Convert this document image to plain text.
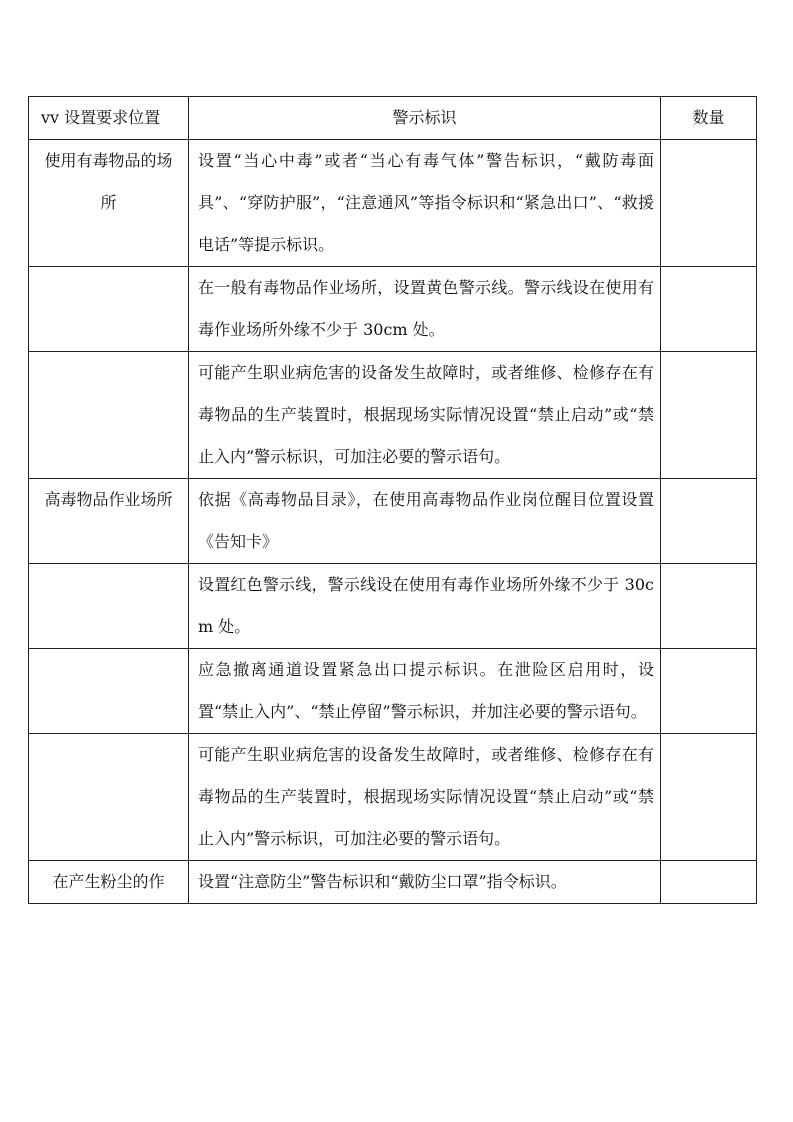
vv 设置要求位置	警示标识	数量
使用有毒物品的场所	设置“当心中毒”或者“当心有毒气体”警告标识，“戴防毒面具”、“穿防护服”，“注意通风”等指令标识和“紧急出口”、“救援电话”等提示标识。	
	在一般有毒物品作业场所，设置黄色警示线。警示线设在使用有毒作业场所外缘不少于 30cm 处。	
	可能产生职业病危害的设备发生故障时，或者维修、检修存在有毒物品的生产装置时，根据现场实际情况设置“禁止启动”或“禁止入内”警示标识，可加注必要的警示语句。	
高毒物品作业场所	依据《高毒物品目录》，在使用高毒物品作业岗位醒目位置设置《告知卡》	
	设置红色警示线，警示线设在使用有毒作业场所外缘不少于 30cm 处。	
	应急撤离通道设置紧急出口提示标识。在泄险区启用时，设置“禁止入内”、“禁止停留”警示标识，并加注必要的警示语句。	
	可能产生职业病危害的设备发生故障时，或者维修、检修存在有毒物品的生产装置时，根据现场实际情况设置“禁止启动”或“禁止入内”警示标识，可加注必要的警示语句。	
在产生粉尘的作	设置“注意防尘”警告标识和“戴防尘口罩”指令标识。	
